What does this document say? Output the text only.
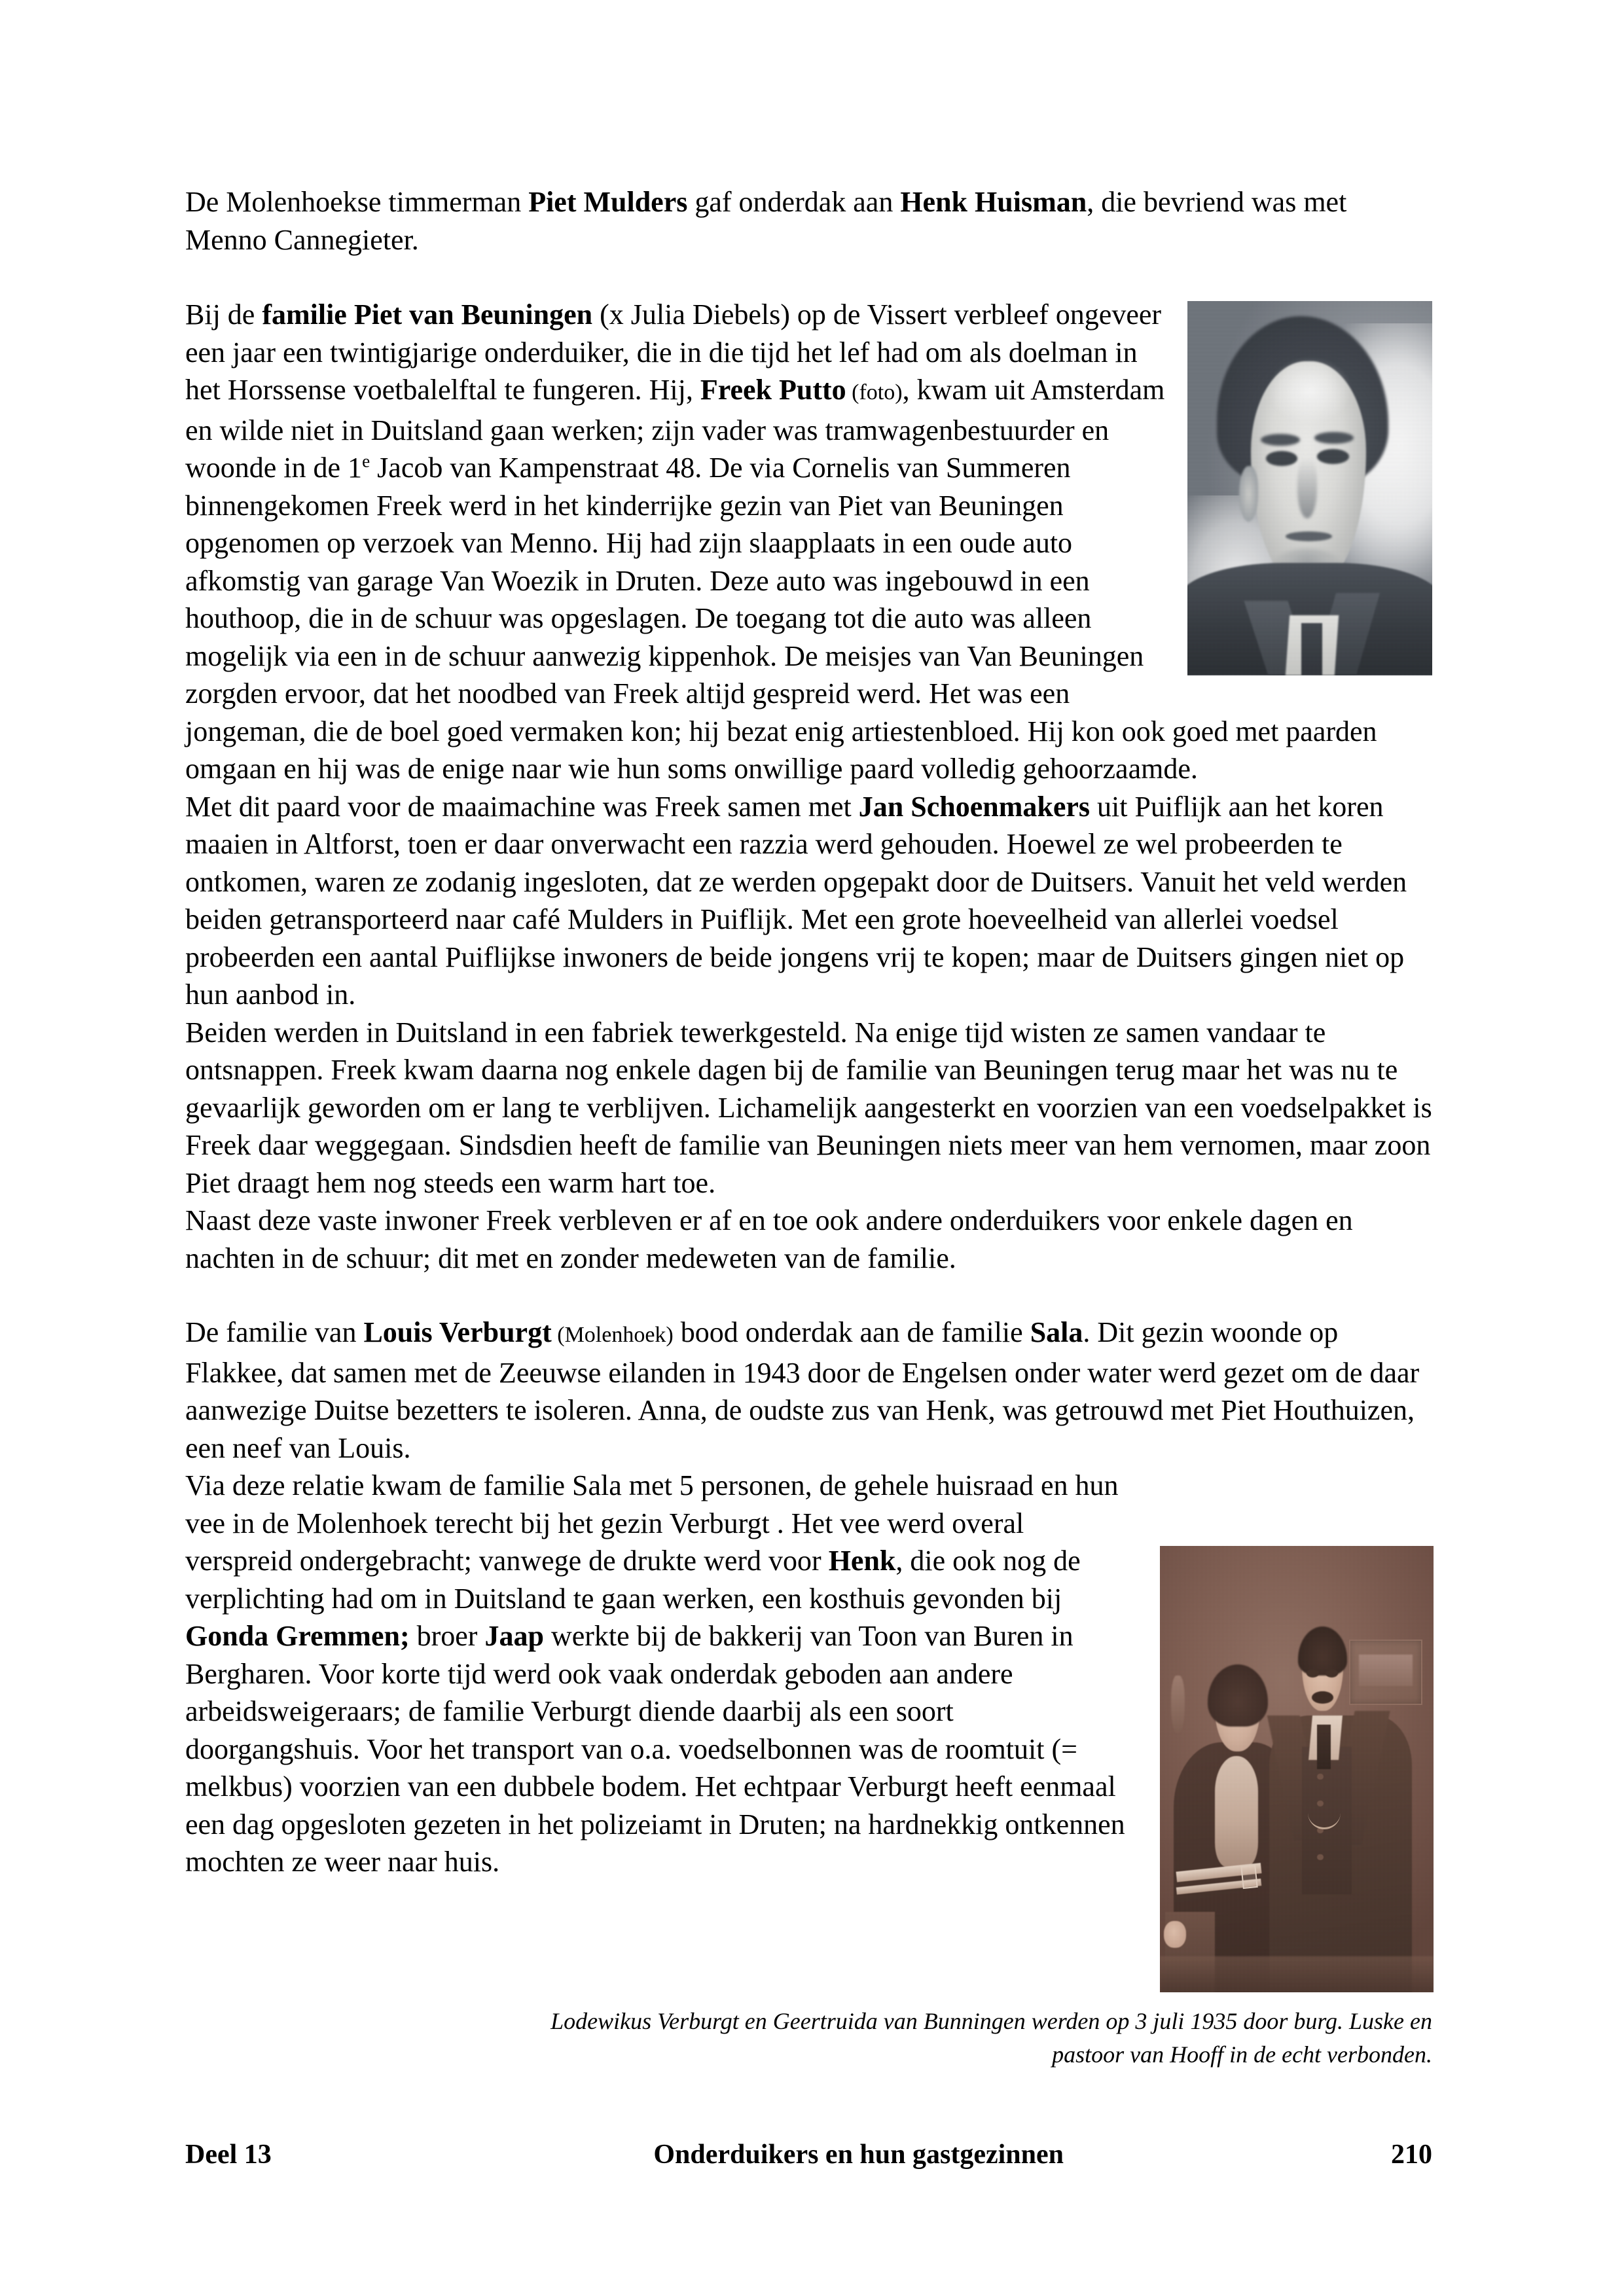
De Molenhoekse timmerman Piet Mulders gaf onderdak aan Henk Huisman, die bevriend was met Menno Cannegieter.

Bij de familie Piet van Beuningen (x Julia Diebels) op de Vissert verbleef ongeveer een jaar een twintigjarige onderduiker, die in die tijd het lef had om als doelman in het Horssense voetbalelftal te fungeren. Hij, Freek Putto (foto), kwam uit Amsterdam en wilde niet in Duitsland gaan werken; zijn vader was tramwagenbestuurder en woonde in de 1e Jacob van Kampenstraat 48. De via Cornelis van Summeren binnengekomen Freek werd in het kinderrijke gezin van Piet van Beuningen opgenomen op verzoek van Menno. Hij had zijn slaapplaats in een oude auto afkomstig van garage Van Woezik in Druten. Deze auto was ingebouwd in een houthoop, die in de schuur was opgeslagen. De toegang tot die auto was alleen mogelijk via een in de schuur aanwezig kippenhok. De meisjes van Van Beuningen zorgden ervoor, dat het noodbed van Freek altijd gespreid werd. Het was een jongeman, die de boel goed vermaken kon; hij bezat enig artiestenbloed. Hij kon ook goed met paarden omgaan en hij was de enige naar wie hun soms onwillige paard volledig gehoorzaamde.

Met dit paard voor de maaimachine was Freek samen met Jan Schoenmakers uit Puiflijk aan het koren maaien in Altforst, toen er daar onverwacht een razzia werd gehouden. Hoewel ze wel probeerden te ontkomen, waren ze zodanig ingesloten, dat ze werden opgepakt door de Duitsers. Vanuit het veld werden beiden getransporteerd naar café Mulders in Puiflijk. Met een grote hoeveelheid van allerlei voedsel probeerden een aantal Puiflijkse inwoners de beide jongens vrij te kopen; maar de Duitsers gingen niet op hun aanbod in.

Beiden werden in Duitsland in een fabriek tewerkgesteld. Na enige tijd wisten ze samen vandaar te ontsnappen. Freek kwam daarna nog enkele dagen bij de familie van Beuningen terug maar het was nu te gevaarlijk geworden om er lang te verblijven. Lichamelijk aangesterkt en voorzien van een voedselpakket is Freek daar weggegaan. Sindsdien heeft de familie van Beuningen niets meer van hem vernomen, maar zoon Piet draagt hem nog steeds een warm hart toe.

Naast deze vaste inwoner Freek verbleven er af en toe ook andere onderduikers voor enkele dagen en nachten in de schuur; dit met en zonder medeweten van de familie.

De familie van Louis Verburgt (Molenhoek) bood onderdak aan de familie Sala. Dit gezin woonde op Flakkee, dat samen met de Zeeuwse eilanden in 1943 door de Engelsen onder water werd gezet om de daar aanwezige Duitse bezetters te isoleren. Anna, de oudste zus van Henk, was getrouwd met Piet Houthuizen, een neef van Louis.

Via deze relatie kwam de familie Sala met 5 personen, de gehele huisraad en hun vee in de Molenhoek terecht bij het gezin Verburgt . Het vee werd overal verspreid ondergebracht; vanwege de drukte werd voor Henk, die ook nog de verplichting had om in Duitsland te gaan werken, een kosthuis gevonden bij Gonda Gremmen; broer Jaap werkte bij de bakkerij van Toon van Buren in Bergharen. Voor korte tijd werd ook vaak onderdak geboden aan andere arbeidsweigeraars; de familie Verburgt diende daarbij als een soort doorgangshuis. Voor het transport van o.a. voedselbonnen was de roomtuit (= melkbus) voorzien van een dubbele bodem. Het echtpaar Verburgt heeft eenmaal een dag opgesloten gezeten in het polizeiamt in Druten; na hardnekkig ontkennen mochten ze weer naar huis.

Lodewikus Verburgt en Geertruida van Bunningen werden op 3 juli 1935 door burg. Luske en pastoor van Hooff in de echt verbonden.
Deel 13	Onderduikers en hun gastgezinnen	210
